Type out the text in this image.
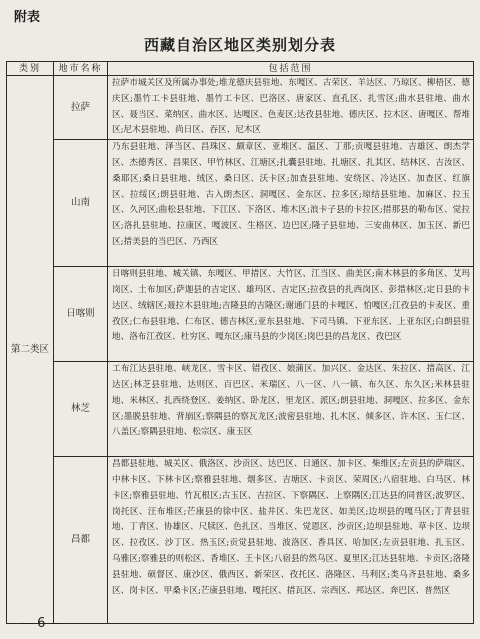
附表
西藏自治区地区类别划分表
类别	地市名称	包括范围
第二类区	拉萨	拉萨市城关区及所属办事处;堆龙德庆县驻地、东嘎区、古荣区、羊达区、乃琼区、柳梧区、德庆区;墨竹工卡县驻地、墨竹工卡区、巴洛区、唐家区、直孔区、扎雪区;曲水县驻地、曲水区、聂当区、菜纳区、曲水区、达嘎区、色麦区;达孜县驻地、德庆区、拉木区、唐嘎区、帮堆区;尼木县驻地、尚日区、吞区、尼木区
	山南	乃东县驻地、泽当区、昌珠区、颇章区、亚堆区、温区、丁那;贡嘎县驻地、吉雄区、朗杰学区、杰德秀区、昌果区、甲竹林区、江塘区;扎囊县驻地、扎塘区、扎其区、结林区、吉汝区、桑耶区;桑日县驻地、绒区、桑日区、沃卡区;加查县驻地、安绕区、冷达区、加查区、红旗区、拉绥区;朗县驻地、古入朗杰区、洞嘎区、金东区、拉多区;琼结县驻地、加麻区、拉玉区、久河区;曲松县驻地、下江区、下洛区、堆木区;浪卡子县的卡拉区;措那县的勒布区、觉拉区;洛扎县驻地、拉康区、嘎波区、生格区、边巴区;隆子县驻地、三安曲林区、加玉区、新巴区;措美县的当巴区、乃西区
	日喀则	日喀则县驻地、城关镇、东嘎区、甲措区、大竹区、江当区、曲美区;南木林县的多角区、艾玛岗区、土布加区;萨迦县的吉定区、雄玛区、吉定区;拉孜县的扎西岗区、彭措林区;定日县的卡达区、绒辖区;聂拉木县驻地;吉隆县的吉隆区;谢通门县的卡嘎区、怕嘎区;江孜县的卡麦区、重孜区;仁布县驻地、仁布区、德吉林区;亚东县驻地、下司马镇、下亚东区、上亚东区;白朗县驻地、洛布江孜区、杜穷区、嘎东区;康马县的少岗区;岗巴县的昌龙区、孜巴区
	林芝	工布江达县驻地、峡龙区、雪卡区、错孜区、娘蒲区、加兴区、金达区、朱拉区、措高区、江达区;林芝县驻地、达则区、百巴区、米瑞区、八一区、八一镇、布久区、东久区;米林县驻地、米林区、扎西绕登区、姜纳区、卧龙区、里龙区、派区;朗县驻地、洞嘎区、拉多区、金东区;墨脱县驻地、背崩区;察隅县的察瓦龙区;波密县驻地、扎木区、倾多区、许木区、玉仁区、八盖区;察隅县驻地、松宗区、康玉区
	昌都	昌都县驻地、城关区、俄洛区、沙贡区、达巴区、日通区、加卡区、柴维区;左贡县的萨瑞区、中林卡区、下林卡区;察雅县驻地、烟多区、吉塘区、卡贡区、荣周区;八宿驻地、白马区、林卡区;察雅县驻地、竹瓦根区;古玉区、吉拉区、下察隅区、上察隅区;江达县的同普区;波罗区、岗托区、汪布堆区;芒康县的徐中区、盐井区、朱巴龙区、如美区;边坝县的嘎马区;丁青县驻地、丁青区、协雄区、尺牍区、色扎区、当堆区、觉恩区、沙贡区;边坝县驻地、草卡区、边坝区、拉孜区、沙丁区、热玉区;贡觉县驻地、波洛区、香具区、哈加区;左贡县驻地、扎玉区、乌雅区;察雅县的则松区、香堆区、王卡区;八宿县的然乌区、夏里区;江达县驻地、卡贡区;洛隆县驻地、硕督区、康沙区、俄西区、新荣区、孜托区、洛隆区、马利区;类乌齐县驻地、桑多区、岗卡区、甲桑卡区;芒康县驻地、嘎托区、措瓦区、宗西区、邦达区、奔巴区、普然区
— 6 —
